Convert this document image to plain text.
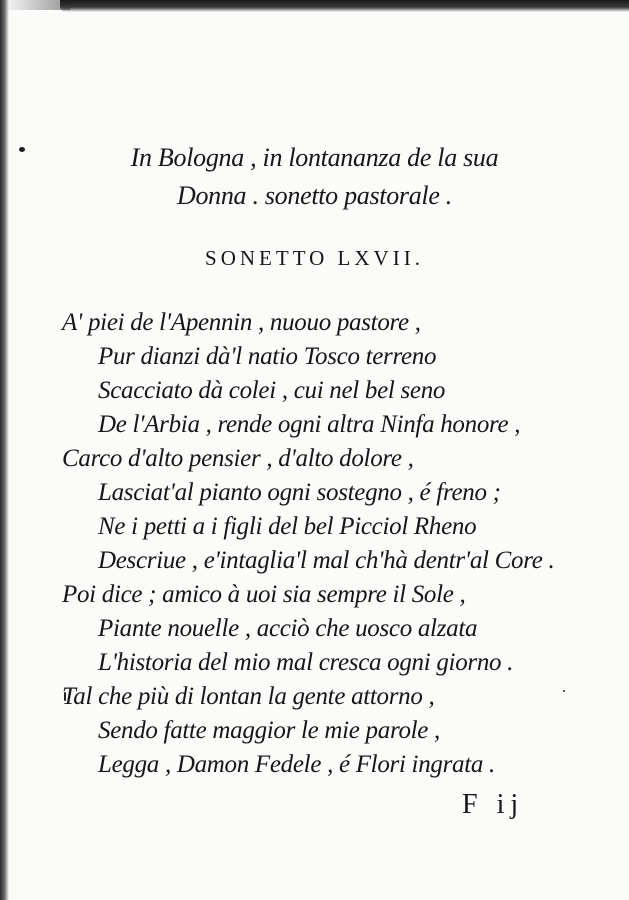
In Bologna , in lontananza de la sua
Donna . sonetto pastorale .
SONETTO LXVII.
A' piei de l'Apennin , nuouo pastore ,
Pur dianzi dà'l natio Tosco terreno
Scacciato dà colei , cui nel bel seno
De l'Arbia , rende ogni altra Ninfa honore ,
Carco d'alto pensier , d'alto dolore ,
Lasciat'al pianto ogni sostegno , é freno ;
Ne i petti a i figli del bel Picciol Rheno
Descriue , e'intaglia'l mal ch'hà dentr'al Core .
Poi dice ; amico à uoi sia sempre il Sole ,
Piante nouelle , acciò che uosco alzata
L'historia del mio mal cresca ogni giorno .
Tal che più di lontan la gente attorno ,
Sendo fatte maggior le mie parole ,
Legga , Damon Fedele , é Flori ingrata .
F ij
